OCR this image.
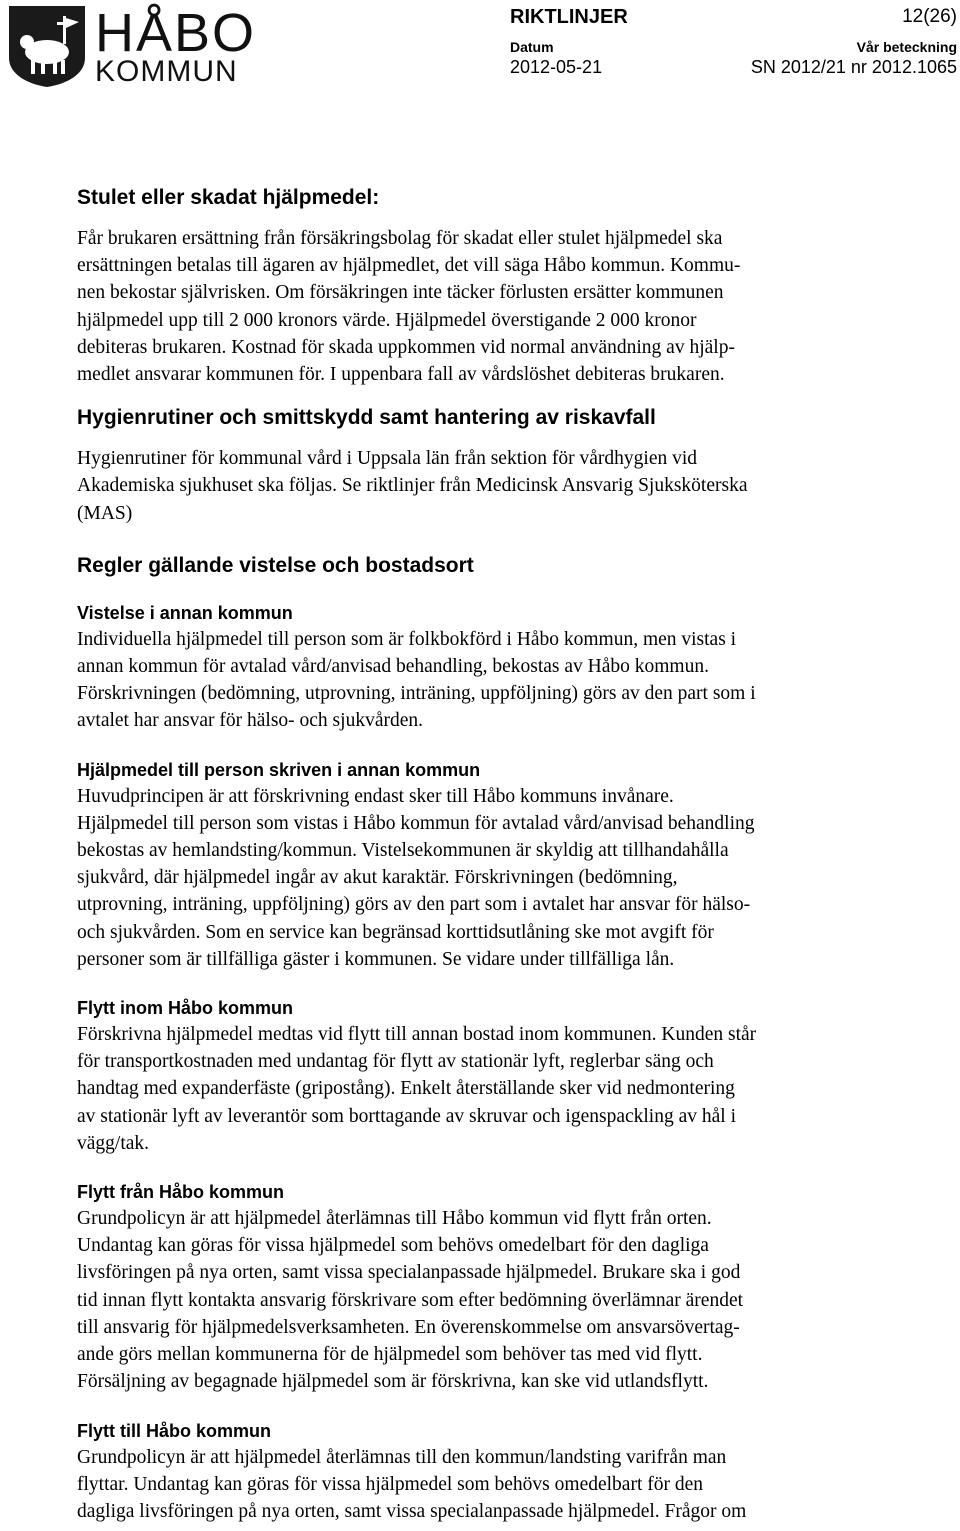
HÅBO
KOMMUN
RIKTLINJER	12(26)
Datum	Vår beteckning
2012-05-21	SN 2012/21 nr 2012.1065
Stulet eller skadat hjälpmedel:

Får brukaren ersättning från försäkringsbolag för skadat eller stulet hjälpmedel ska
ersättningen betalas till ägaren av hjälpmedlet, det vill säga Håbo kommun. Kommu-
nen bekostar självrisken. Om försäkringen inte täcker förlusten ersätter kommunen
hjälpmedel upp till 2 000 kronors värde. Hjälpmedel överstigande 2 000 kronor
debiteras brukaren. Kostnad för skada uppkommen vid normal användning av hjälp-
medlet ansvarar kommunen för. I uppenbara fall av vårdslöshet debiteras brukaren.

Hygienrutiner och smittskydd samt hantering av riskavfall

Hygienrutiner för kommunal vård i Uppsala län från sektion för vårdhygien vid
Akademiska sjukhuset ska följas. Se riktlinjer från Medicinsk Ansvarig Sjuksköterska
(MAS)

Regler gällande vistelse och bostadsort
Vistelse i annan kommun

Individuella hjälpmedel till person som är folkbokförd i Håbo kommun, men vistas i
annan kommun för avtalad vård/anvisad behandling, bekostas av Håbo kommun.
Förskrivningen (bedömning, utprovning, inträning, uppföljning) görs av den part som i
avtalet har ansvar för hälso- och sjukvården.

Hjälpmedel till person skriven i annan kommun

Huvudprincipen är att förskrivning endast sker till Håbo kommuns invånare.
Hjälpmedel till person som vistas i Håbo kommun för avtalad vård/anvisad behandling
bekostas av hemlandsting/kommun. Vistelsekommunen är skyldig att tillhandahålla
sjukvård, där hjälpmedel ingår av akut karaktär. Förskrivningen (bedömning,
utprovning, inträning, uppföljning) görs av den part som i avtalet har ansvar för hälso-
och sjukvården. Som en service kan begränsad korttidsutlåning ske mot avgift för
personer som är tillfälliga gäster i kommunen. Se vidare under tillfälliga lån.

Flytt inom Håbo kommun

Förskrivna hjälpmedel medtas vid flytt till annan bostad inom kommunen. Kunden står
för transportkostnaden med undantag för flytt av stationär lyft, reglerbar säng och
handtag med expanderfäste (gripostång). Enkelt återställande sker vid nedmontering
av stationär lyft av leverantör som borttagande av skruvar och igenspackling av hål i
vägg/tak.

Flytt från Håbo kommun

Grundpolicyn är att hjälpmedel återlämnas till Håbo kommun vid flytt från orten.
Undantag kan göras för vissa hjälpmedel som behövs omedelbart för den dagliga
livsföringen på nya orten, samt vissa specialanpassade hjälpmedel. Brukare ska i god
tid innan flytt kontakta ansvarig förskrivare som efter bedömning överlämnar ärendet
till ansvarig för hjälpmedelsverksamheten. En överenskommelse om ansvarsövertag-
ande görs mellan kommunerna för de hjälpmedel som behöver tas med vid flytt.
Försäljning av begagnade hjälpmedel som är förskrivna, kan ske vid utlandsflytt.

Flytt till Håbo kommun

Grundpolicyn är att hjälpmedel återlämnas till den kommun/landsting varifrån man
flyttar. Undantag kan göras för vissa hjälpmedel som behövs omedelbart för den
dagliga livsföringen på nya orten, samt vissa specialanpassade hjälpmedel. Frågor om
